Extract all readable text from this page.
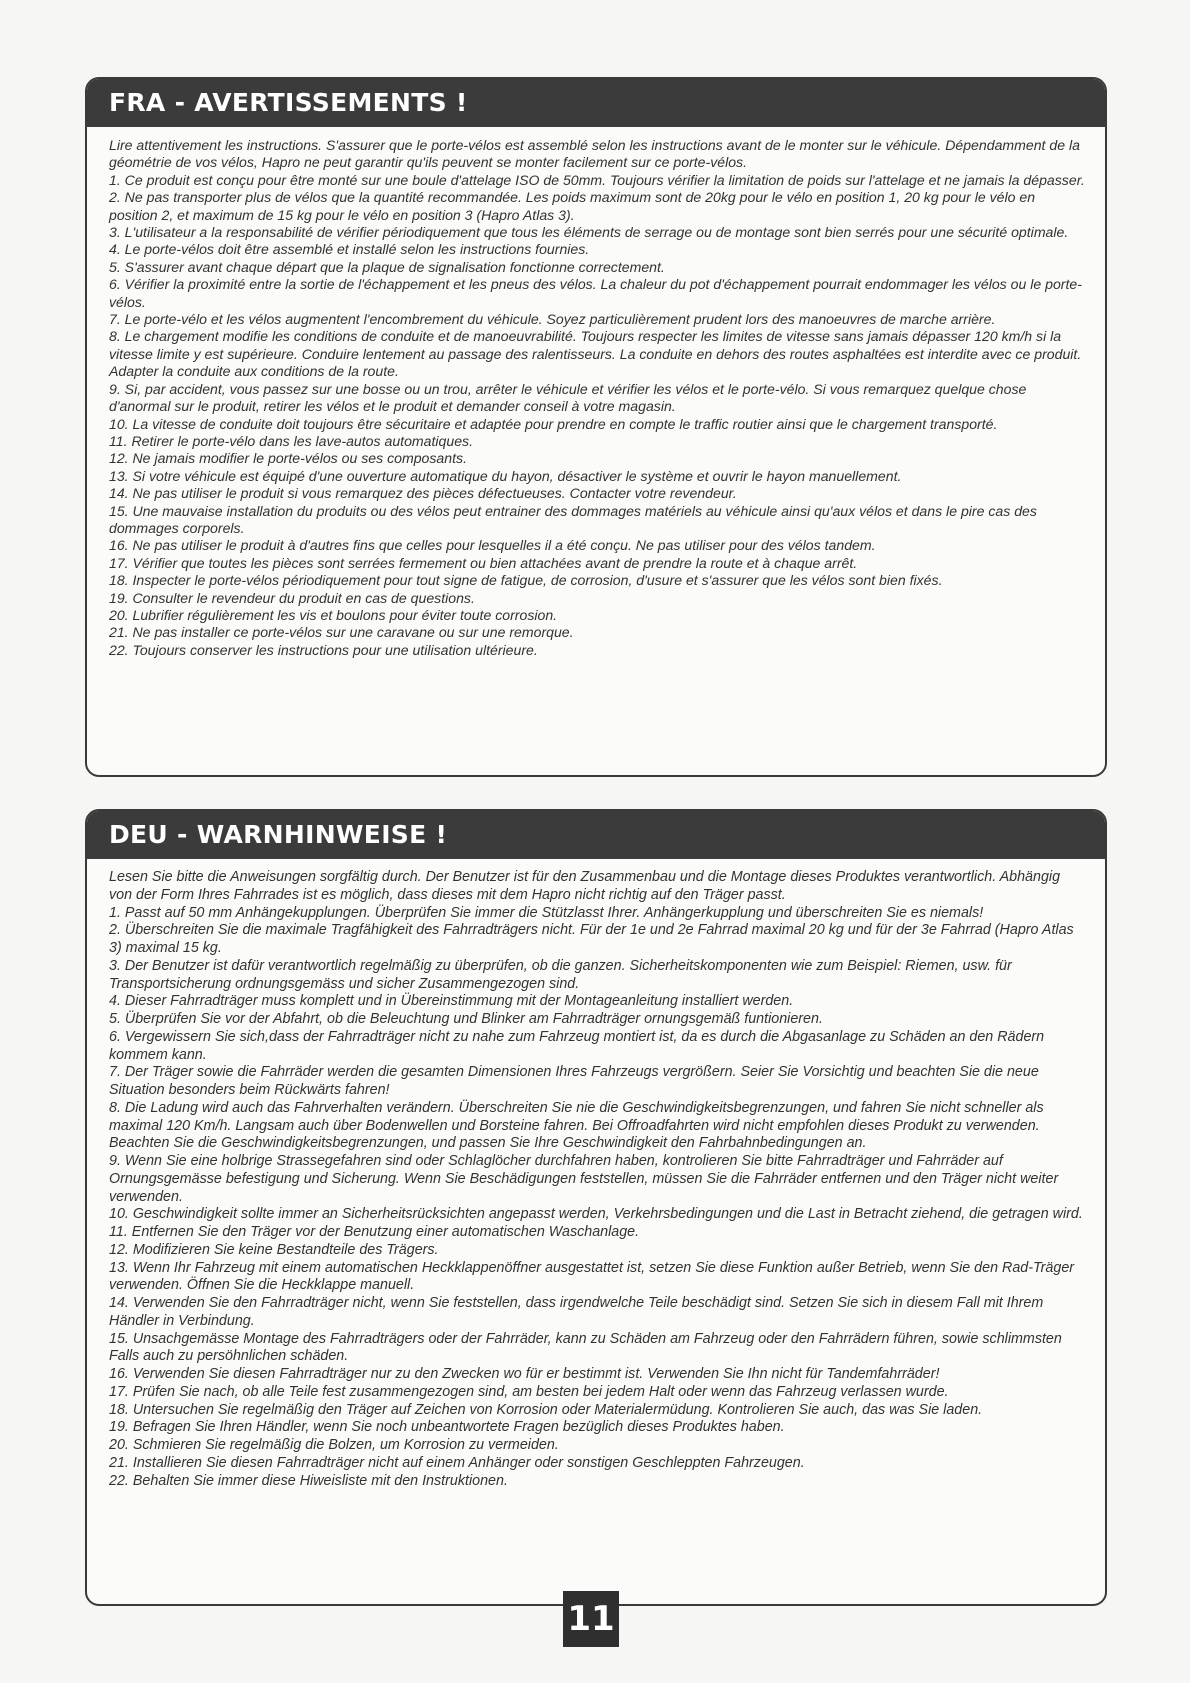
FRA - AVERTISSEMENTS !

Lire attentivement les instructions. S'assurer que le porte-vélos est assemblé selon les instructions avant de le monter sur le véhicule. Dépendamment de la géométrie de vos vélos, Hapro ne peut garantir qu'ils peuvent se monter facilement sur ce porte-vélos.

1. Ce produit est conçu pour être monté sur une boule d'attelage ISO de 50mm. Toujours vérifier la limitation de poids sur l'attelage et ne jamais la dépasser.

2. Ne pas transporter plus de vélos que la quantité recommandée. Les poids maximum sont de 20kg pour le vélo en position 1, 20 kg pour le vélo en position 2, et maximum de 15 kg pour le vélo en position 3 (Hapro Atlas 3).

3. L'utilisateur a la responsabilité de vérifier périodiquement que tous les éléments de serrage ou de montage sont bien serrés pour une sécurité optimale.

4. Le porte-vélos doit être assemblé et installé selon les instructions fournies.

5. S'assurer avant chaque départ que la plaque de signalisation fonctionne correctement.

6. Vérifier la proximité entre la sortie de l'échappement et les pneus des vélos. La chaleur du pot d'échappement pourrait endommager les vélos ou le porte-vélos.

7. Le porte-vélo et les vélos augmentent l'encombrement du véhicule. Soyez particulièrement prudent lors des manoeuvres de marche arrière.

8. Le chargement modifie les conditions de conduite et de manoeuvrabilité. Toujours respecter les limites de vitesse sans jamais dépasser 120 km/h si la vitesse limite y est supérieure. Conduire lentement au passage des ralentisseurs. La conduite en dehors des routes asphaltées est interdite avec ce produit. Adapter la conduite aux conditions de la route.

9. Si, par accident, vous passez sur une bosse ou un trou, arrêter le véhicule et vérifier les vélos et le porte-vélo. Si vous remarquez quelque chose d'anormal sur le produit, retirer les vélos et le produit et demander conseil à votre magasin.

10. La vitesse de conduite doit toujours être sécuritaire et adaptée pour prendre en compte le traffic routier ainsi que le chargement transporté.

11. Retirer le porte-vélo dans les lave-autos automatiques.

12. Ne jamais modifier le porte-vélos ou ses composants.

13. Si votre véhicule est équipé d'une ouverture automatique du hayon, désactiver le système et ouvrir le hayon manuellement.

14. Ne pas utiliser le produit si vous remarquez des pièces défectueuses. Contacter votre revendeur.

15. Une mauvaise installation du produits ou des vélos peut entrainer des dommages matériels au véhicule ainsi qu'aux vélos et dans le pire cas des dommages corporels.

16. Ne pas utiliser le produit à d'autres fins que celles pour lesquelles il a été conçu. Ne pas utiliser pour des vélos tandem.

17. Vérifier que toutes les pièces sont serrées fermement ou bien attachées avant de prendre la route et à chaque arrêt.

18. Inspecter le porte-vélos périodiquement pour tout signe de fatigue, de corrosion, d'usure et s'assurer que les vélos sont bien fixés.

19. Consulter le revendeur du produit en cas de questions.

20. Lubrifier régulièrement les vis et boulons pour éviter toute corrosion.

21. Ne pas installer ce porte-vélos sur une caravane ou sur une remorque.

22. Toujours conserver les instructions pour une utilisation ultérieure.

DEU - WARNHINWEISE !

Lesen Sie bitte die Anweisungen sorgfältig durch. Der Benutzer ist für den Zusammenbau und die Montage dieses Produktes verantwortlich. Abhängig von der Form Ihres Fahrrades ist es möglich, dass dieses mit dem Hapro nicht richtig auf den Träger passt.

1. Passt auf 50 mm Anhängekupplungen. Überprüfen Sie immer die Stützlasst Ihrer. Anhängerkupplung und überschreiten Sie es niemals!

2. Überschreiten Sie die maximale Tragfähigkeit des Fahrradträgers nicht. Für der 1e und 2e Fahrrad maximal 20 kg und für der 3e Fahrrad (Hapro Atlas 3) maximal 15 kg.

3. Der Benutzer ist dafür verantwortlich regelmäßig zu überprüfen, ob die ganzen. Sicherheitskomponenten wie zum Beispiel: Riemen, usw. für Transportsicherung ordnungsgemäss und sicher Zusammengezogen sind.

4. Dieser Fahrradträger muss komplett und in Übereinstimmung mit der Montageanleitung installiert werden.

5. Überprüfen Sie vor der Abfahrt, ob die Beleuchtung und Blinker am Fahrradträger ornungsgemäß funtionieren.

6. Vergewissern Sie sich,dass der Fahrradträger nicht zu nahe zum Fahrzeug montiert ist, da es durch die Abgasanlage zu Schäden an den Rädern kommem kann.

7. Der Träger sowie die Fahrräder werden die gesamten Dimensionen Ihres Fahrzeugs vergrößern. Seier Sie Vorsichtig und beachten Sie die neue Situation besonders beim Rückwärts fahren!

8. Die Ladung wird auch das Fahrverhalten verändern. Überschreiten Sie nie die Geschwindigkeitsbegrenzungen, und fahren Sie nicht schneller als maximal 120 Km/h. Langsam auch über Bodenwellen und Borsteine fahren. Bei Offroadfahrten wird nicht empfohlen dieses Produkt zu verwenden. Beachten Sie die Geschwindigkeitsbegrenzungen, und passen Sie Ihre Geschwindigkeit den Fahrbahnbedingungen an.

9. Wenn Sie eine holbrige Strassegefahren sind oder Schlaglöcher durchfahren haben, kontrolieren Sie bitte Fahrradträger und Fahrräder auf Ornungsgemässe befestigung und Sicherung. Wenn Sie Beschädigungen feststellen, müssen Sie die Fahrräder entfernen und den Träger nicht weiter verwenden.

10. Geschwindigkeit sollte immer an Sicherheitsrücksichten angepasst werden, Verkehrsbedingungen und die Last in Betracht ziehend, die getragen wird.

11. Entfernen Sie den Träger vor der Benutzung einer automatischen Waschanlage.

12. Modifizieren Sie keine Bestandteile des Trägers.

13. Wenn Ihr Fahrzeug mit einem automatischen Heckklappenöffner ausgestattet ist, setzen Sie diese Funktion außer Betrieb, wenn Sie den Rad-Träger verwenden. Öffnen Sie die Heckklappe manuell.

14. Verwenden Sie den Fahrradträger nicht, wenn Sie feststellen, dass irgendwelche Teile beschädigt sind. Setzen Sie sich in diesem Fall mit Ihrem Händler in Verbindung.

15. Unsachgemässe Montage des Fahrradträgers oder der Fahrräder, kann zu Schäden am Fahrzeug oder den Fahrrädern führen, sowie schlimmsten Falls auch zu persöhnlichen schäden.

16. Verwenden Sie diesen Fahrradträger nur zu den Zwecken wo für er bestimmt ist. Verwenden Sie Ihn nicht für Tandemfahrräder!

17. Prüfen Sie nach, ob alle Teile fest zusammengezogen sind, am besten bei jedem Halt oder wenn das Fahrzeug verlassen wurde.

18. Untersuchen Sie regelmäßig den Träger auf Zeichen von Korrosion oder Materialermüdung. Kontrolieren Sie auch, das was Sie laden.

19. Befragen Sie Ihren Händler, wenn Sie noch unbeantwortete Fragen bezüglich dieses Produktes haben.

20. Schmieren Sie regelmäßig die Bolzen, um Korrosion zu vermeiden.

21. Installieren Sie diesen Fahrradträger nicht auf einem Anhänger oder sonstigen Geschleppten Fahrzeugen.

22. Behalten Sie immer diese Hiweisliste mit den Instruktionen.

11
